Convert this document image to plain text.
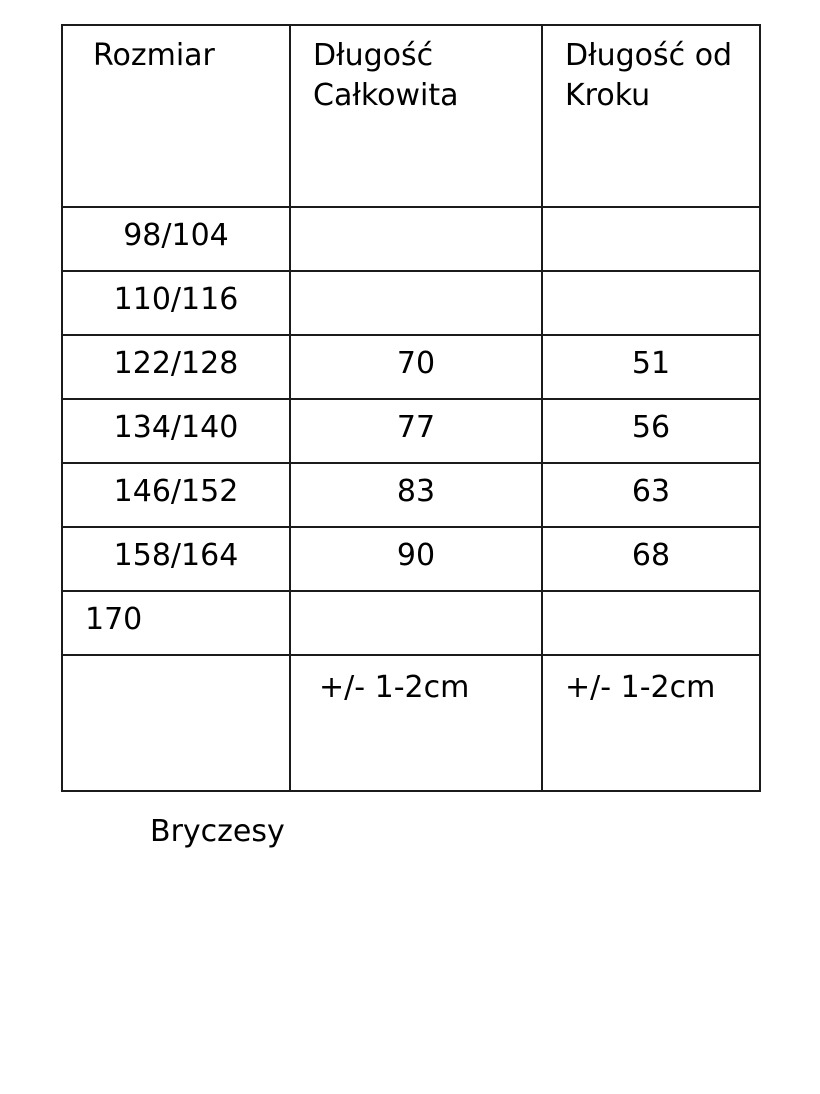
Rozmiar	Długość Całkowita	Długość od Kroku

98/104		

110/116		

122/128	70	51

134/140	77	56

146/152	83	63

158/164	90	68

170		

	+/- 1-2cm	+/- 1-2cm
Bryczesy
